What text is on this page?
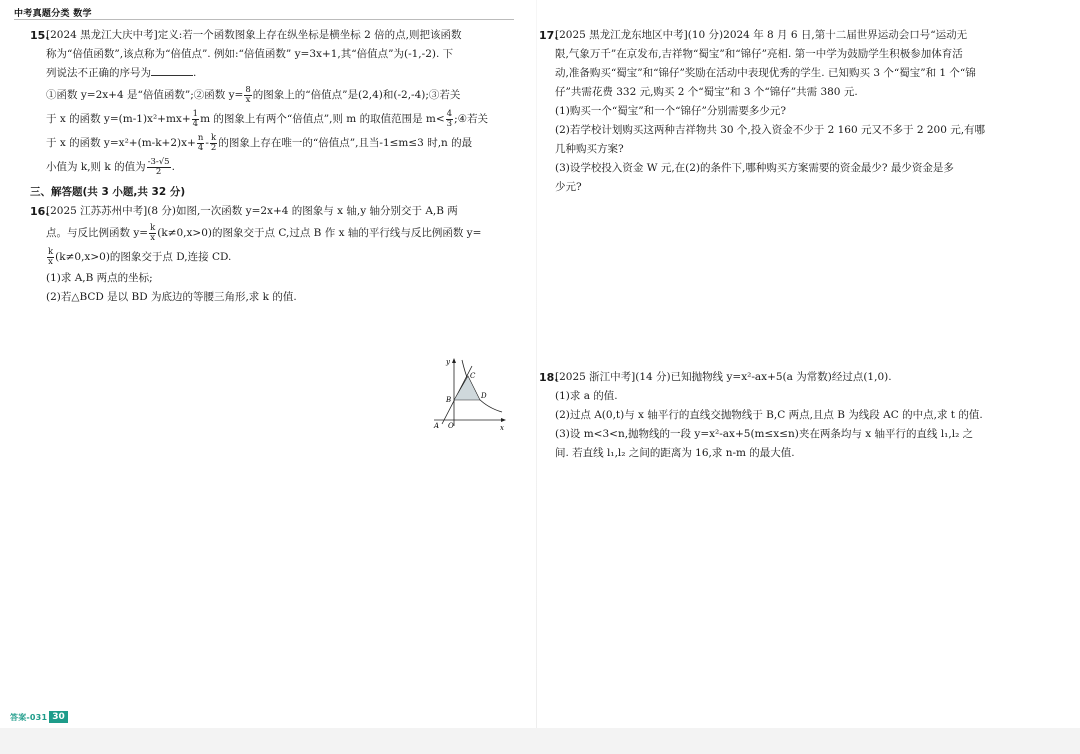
中考真题分类 数学
15.
[2024 黑龙江大庆中考]定义:若一个函数图象上存在纵坐标是横坐标 2 倍的点,则把该函数
称为“倍值函数”,该点称为“倍值点”. 例如:“倍值函数” y=3x+1,其“倍值点”为(-1,-2). 下
列说法不正确的序号为	.
①函数 y=2x+4 是“倍值函数”;②函数 $y= \frac{8}{x}$ 的图象上的“倍值点”是(2,4)和(-2,-4);③若关
于 x 的函数 $y=(m-1)x^2+mx+ \frac{1}{4}$ m 的图象上有两个“倍值点”,则 m 的取值范围是 $m< \frac{4}{3}$ ;④若关
于 x 的函数 $y=x^2+(m-k+2)x+ \frac{n}{4} - \frac{k}{2}$ 的图象上存在唯一的“倍值点”,且当-1≤m≤3 时,n 的最
小值为 k,则 k 的值为 $\frac{-3-√5}{2}$ .
三、解答题(共 3 小题,共 32 分)
16.
[2025 江苏苏州中考](8 分)如图,一次函数 y=2x+4 的图象与 x 轴,y 轴分别交于 A,B 两
点。与反比例函数 $y= \frac{k}{x} (k\ne 0,x>0)$的图象交于点 C,过点 B 作 x 轴的平行线与反比例函数 y=
$\frac{k}{x} (k\ne 0,x>0)$的图象交于点 D,连接 CD.
(1)求 A,B 两点的坐标;
(2)若△BCD 是以 BD 为底边的等腰三角形,求 k 的值.
y
x
A O
B
C
D
17.
[2025 黑龙江龙东地区中考](10 分)2024 年 8 月 6 日,第十二届世界运动会口号“运动无
限,气象万千”在京发布,吉祥物“蜀宝”和“锦仔”亮相. 第一中学为鼓励学生积极参加体育活
动,准备购买“蜀宝”和“锦仔”奖励在活动中表现优秀的学生. 已知购买 3 个“蜀宝”和 1 个“锦
仔”共需花费 332 元,购买 2 个“蜀宝”和 3 个“锦仔”共需 380 元.
(1)购买一个“蜀宝”和一个“锦仔”分别需要多少元?
(2)若学校计划购买这两种吉祥物共 30 个,投入资金不少于 2 160 元又不多于 2 200 元,有哪
几种购买方案?
(3)设学校投入资金 W 元,在(2)的条件下,哪种购买方案需要的资金最少? 最少资金是多
少元?
18.
[2025 浙江中考](14 分)已知抛物线 y=x²-ax+5(a 为常数)经过点(1,0).
(1)求 a 的值.
(2)过点 A(0,t)与 x 轴平行的直线交抛物线于 B,C 两点,且点 B 为线段 AC 的中点,求 t 的值.
(3)设 m<3<n,抛物线的一段 y=x²-ax+5(m≤x≤n)夹在两条均与 x 轴平行的直线 l₁,l₂ 之
间. 若直线 l₁,l₂ 之间的距离为 16,求 n-m 的最大值.
答案-031 30
